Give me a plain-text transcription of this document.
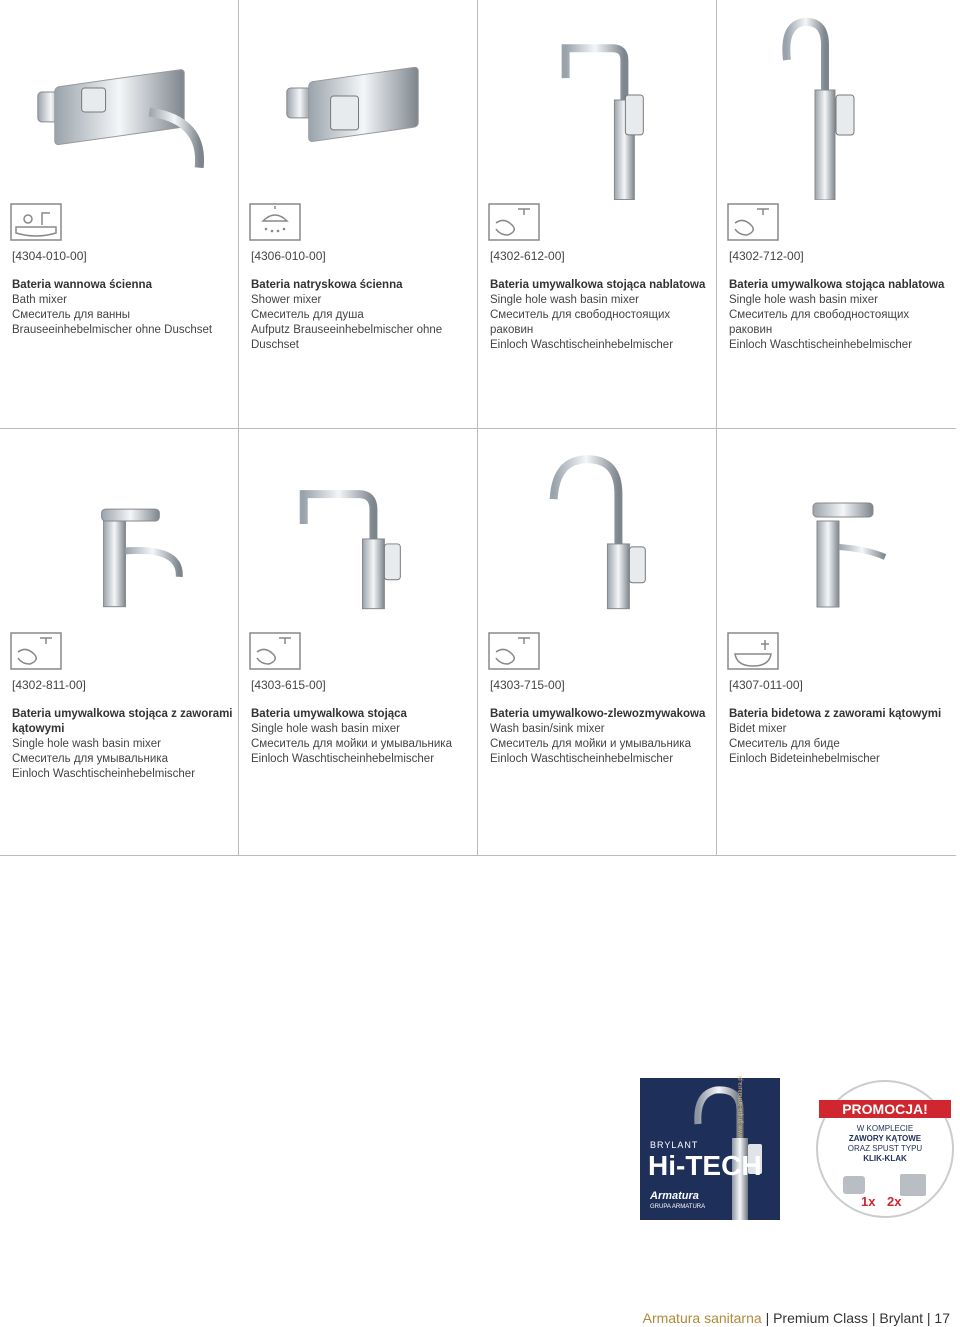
[4304-010-00]
Bateria wannowa ścienna
Bath mixer
Смеситель для ванны
Brauseeinhebelmischer ohne Duschset
[4306-010-00]
Bateria natryskowa ścienna
Shower mixer
Смеситель для душа
Aufputz Brauseeinhebelmischer ohne Duschset
[4302-612-00]
Bateria umywalkowa stojąca nablatowa
Single hole wash basin mixer
Смеситель для свободностоящих раковин
Einloch Waschtischeinhebelmischer
[4302-712-00]
Bateria umywalkowa stojąca nablatowa
Single hole wash basin mixer
Смеситель для свободностоящих раковин
Einloch Waschtischeinhebelmischer
[4302-811-00]
Bateria umywalkowa stojąca z zaworami kątowymi
Single hole wash basin mixer
Смеситель для умывальника
Einloch Waschtischeinhebelmischer
[4303-615-00]
Bateria umywalkowa stojąca
Single hole wash basin mixer
Смеситель для мойки и умывальника
Einloch Waschtischeinhebelmischer
[4303-715-00]
Bateria umywalkowo-zlewozmywakowa
Wash basin/sink mixer
Смеситель для мойки и умывальника
Einloch Waschtischeinhebelmischer
[4307-011-00]
Bateria bidetowa z zaworami kątowymi
Bidet mixer
Смеситель для биде
Einloch Bideteinhebelmischer
BRYLANT
Hi-TECH
Armatura
GRUPA ARMATURA
www.grupa-armatura.pl	PROMOCJA!
W KOMPLECIE
ZAWORY KĄTOWE
ORAZ SPUST TYPU
KLIK-KLAK
1x 2x
Armatura sanitarna | Premium Class | Brylant | 17
